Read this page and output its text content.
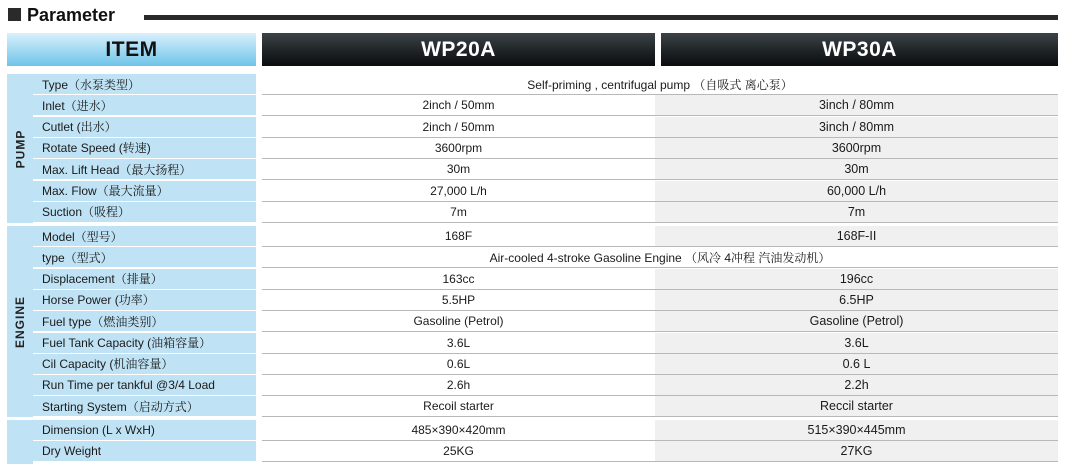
Parameter
ITEM	WP20A	WP30A
PUMP
ENGINE
Type（水泵类型）	Self-priming , centrifugal pump （自吸式 离心泵）
Inlet（进水）	2inch / 50mm	3inch / 80mm
Cutlet (出水）	2inch / 50mm	3inch / 80mm
Rotate Speed (转速)	3600rpm	3600rpm
Max. Lift Head（最大扬程）	30m	30m
Max. Flow（最大流量）	27,000 L/h	60,000 L/h
Suction（吸程）	7m	7m
Model（型号）	168F	168F-II
type（型式）	Air-cooled 4-stroke Gasoline Engine （风冷 4冲程 汽油发动机）
Displacement（排量）	163cc	196cc
Horse Power (功率）	5.5HP	6.5HP
Fuel type（燃油类别）	Gasoline (Petrol)	Gasoline (Petrol)
Fuel Tank Capacity (油箱容量）	3.6L	3.6L
Cil Capacity (机油容量）	0.6L	0.6 L
Run Time per tankful @3/4 Load	2.6h	2.2h
Starting System（启动方式）	Recoil starter	Reccil starter
Dimension (L x WxH)	485×390×420mm	515×390×445mm
Dry Weight	25KG	27KG
